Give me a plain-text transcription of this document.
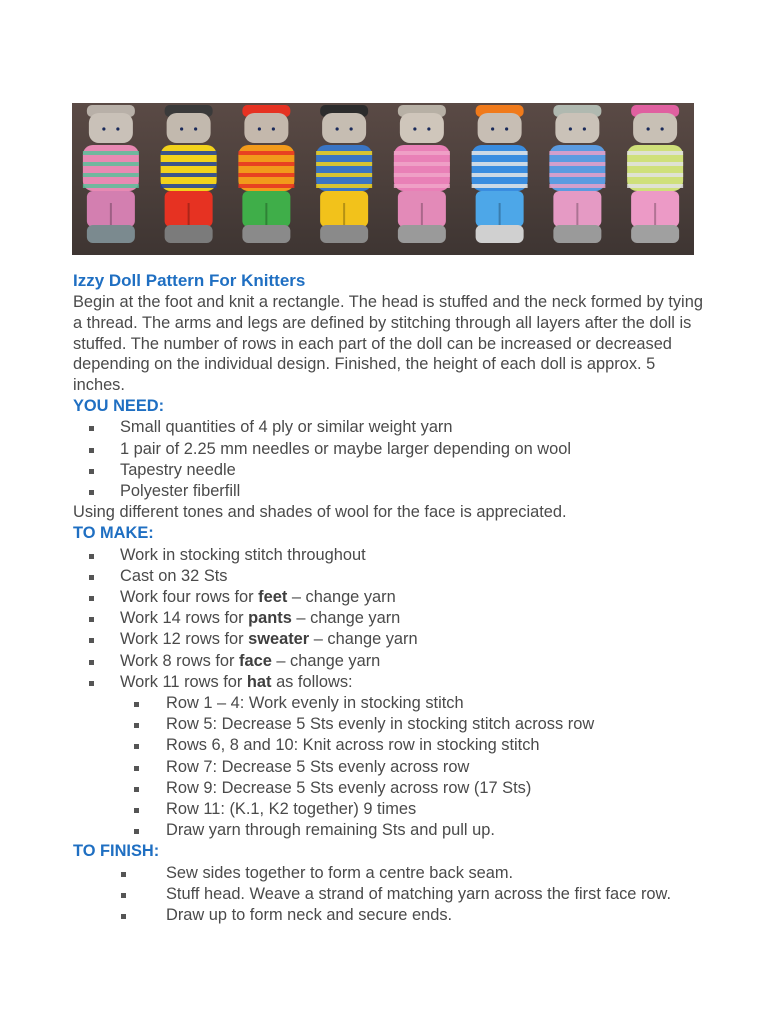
Izzy Doll Pattern For Knitters

Begin at the foot and knit a rectangle. The head is stuffed and the neck formed by tying a thread. The arms and legs are defined by stitching through all layers after the doll is stuffed. The number of rows in each part of the doll can be increased or decreased depending on the individual design. Finished, the height of each doll is approx. 5 inches.

YOU NEED:
Small quantities of 4 ply or similar weight yarn
1 pair of 2.25 mm needles or maybe larger depending on wool
Tapestry needle
Polyester fiberfill

Using different tones and shades of wool for the face is appreciated.

TO MAKE:
Work in stocking stitch throughout
Cast on 32 Sts
Work four rows for feet – change yarn
Work 14 rows for pants – change yarn
Work 12 rows for sweater – change yarn
Work 8 rows for face – change yarn
Work 11 rows for hat as follows:
Row 1 – 4: Work evenly in stocking stitch
Row 5: Decrease 5 Sts evenly in stocking stitch across row
Rows 6, 8 and 10: Knit across row in stocking stitch
Row 7: Decrease 5 Sts evenly across row
Row 9: Decrease 5 Sts evenly across row (17 Sts)
Row 11: (K.1, K2 together) 9 times
Draw yarn through remaining Sts and pull up.
TO FINISH:
Sew sides together to form a centre back seam.
Stuff head. Weave a strand of matching yarn across the first face row.
Draw up to form neck and secure ends.
